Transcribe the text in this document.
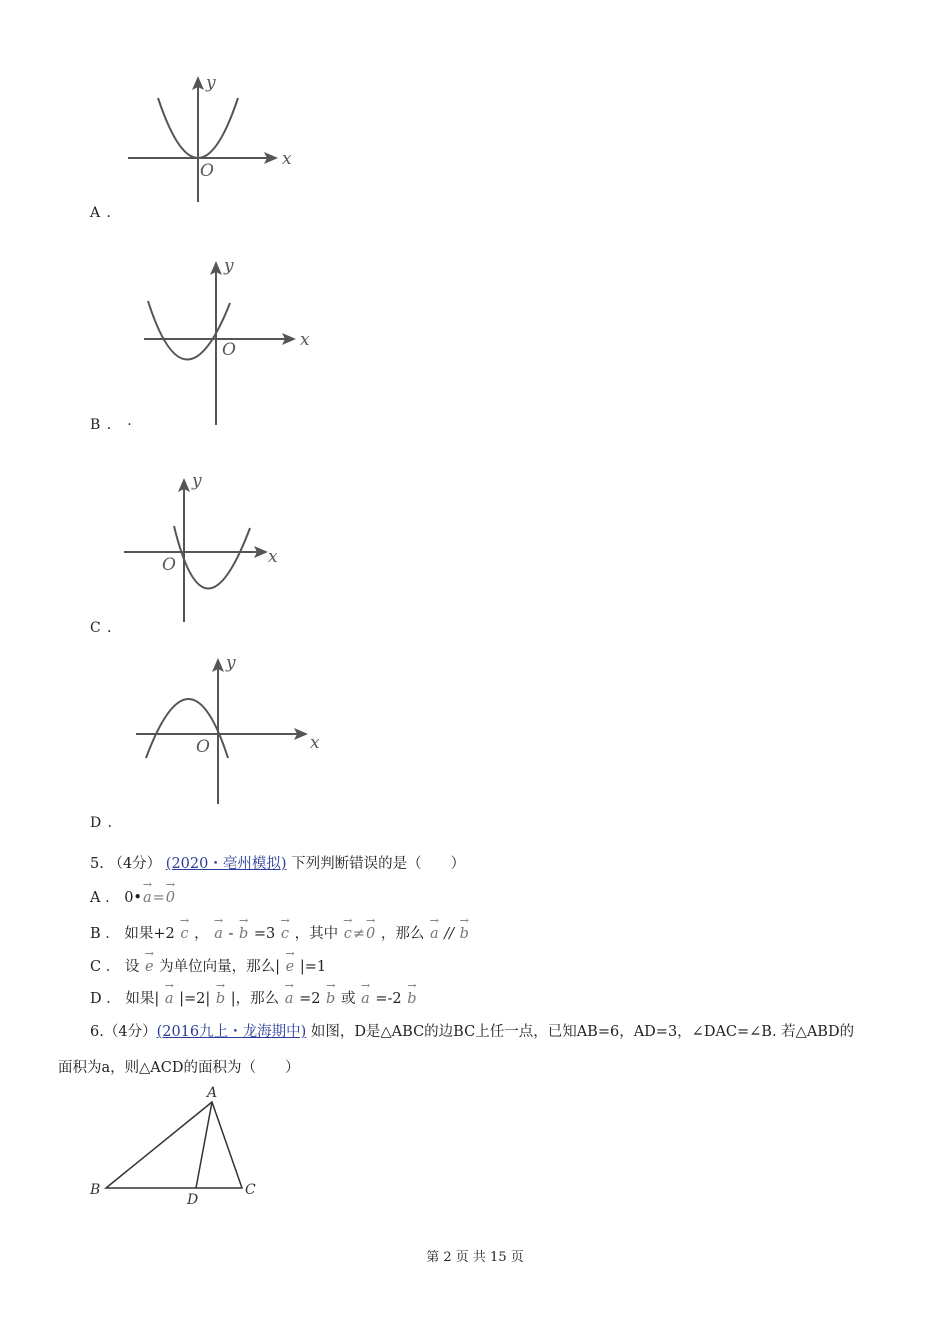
x
y
O
A ．
x
y
O
B ． ·
x
y
O
C ．
x
y
O
D ．
5. （4分） (2020・亳州模拟) 下列判断错误的是（　　）
A ． 0•→ a=→ 0
B ． 如果+2 → c ， → a - → b =3 → c ，其中 → c≠→ 0 ，那么 → a // → b
C ． 设 → e 为单位向量，那么| → e |=1
D ． 如果| → a |=2| → b |，那么 → a =2 → b 或 → a =-2 → b
6.（4分）(2016九上・龙海期中) 如图，D是△ABC的边BC上任一点，已知AB=6，AD=3，∠DAC=∠B. 若△ABD的
面积为a，则△ACD的面积为（　　）
A
B	C
D
第 2 页 共 15 页
